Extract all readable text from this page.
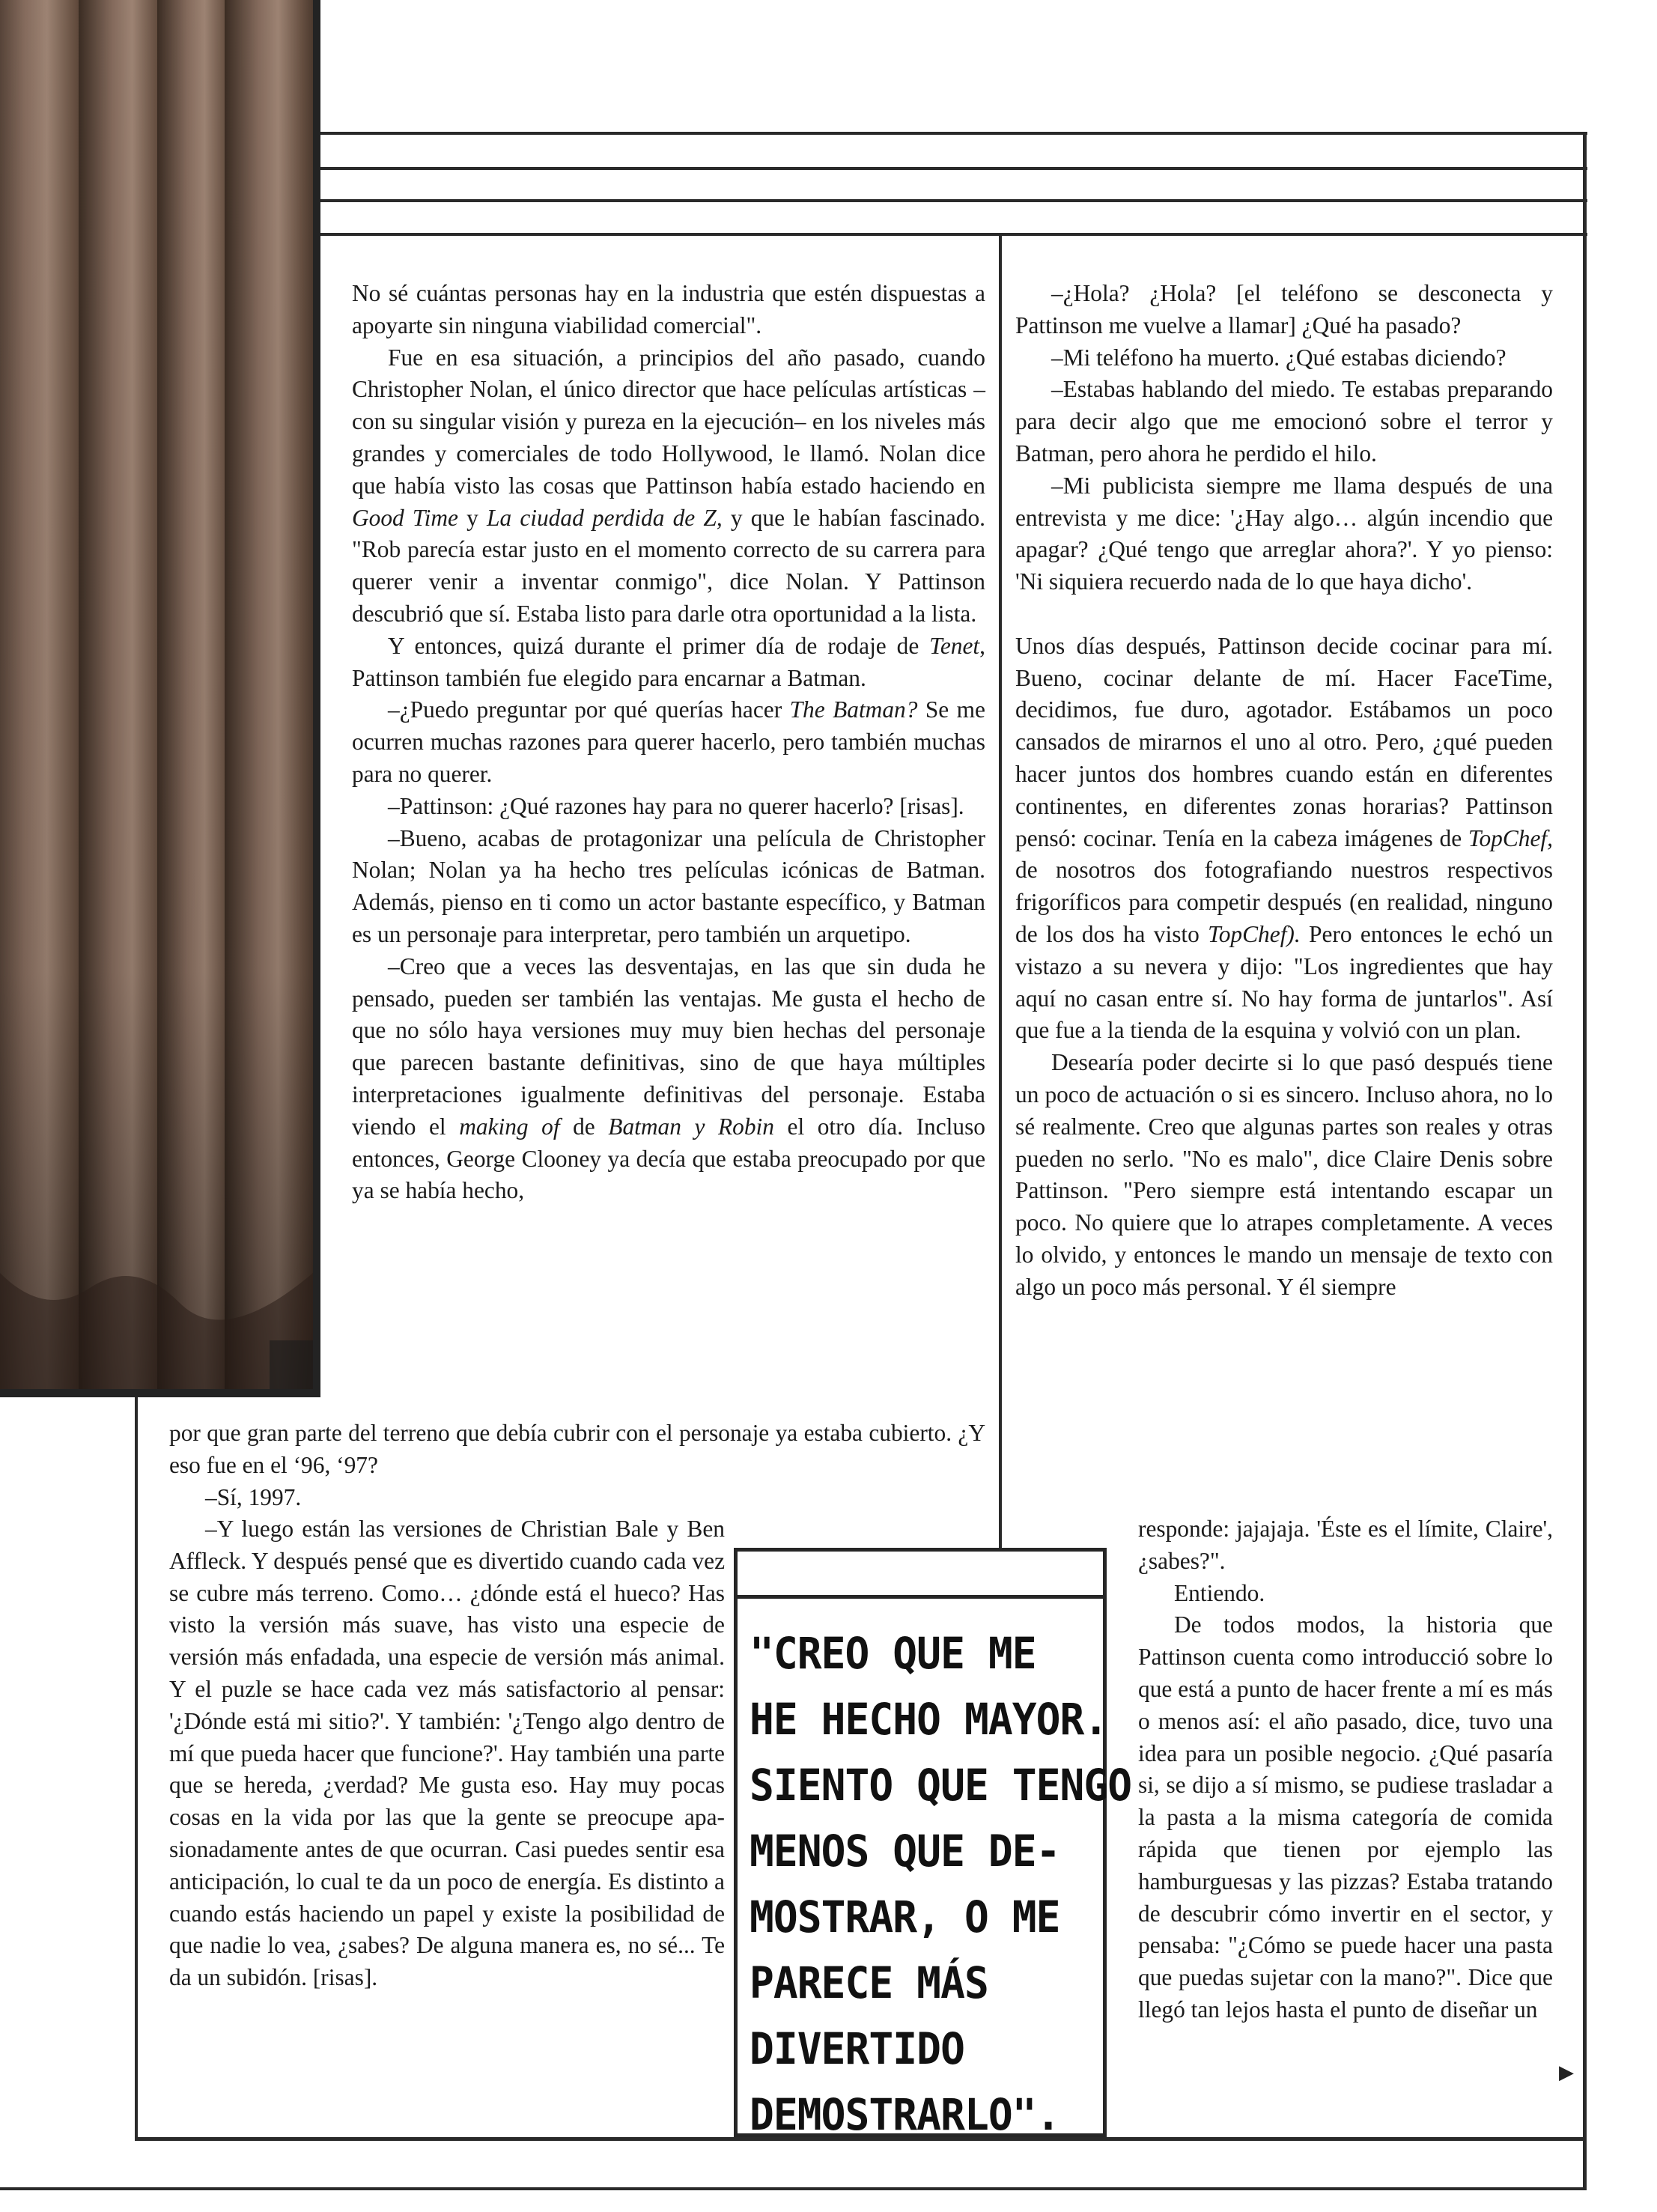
No sé cuántas personas hay en la industria que estén dispuestas a apoyarte sin ninguna viabilidad comercial".

Fue en esa situación, a principios del año pasado, cuando Christopher Nolan, el único director que hace películas artísticas –con su singular visión y pureza en la ejecución– en los niveles más grandes y comerciales de todo Hollywood, le llamó. Nolan dice que había visto las cosas que Pattinson había estado haciendo en Good Time y La ciudad perdida de Z, y que le habían fascinado. "Rob parecía estar justo en el momento correcto de su carrera para querer venir a inventar conmigo", dice Nolan. Y Pattinson descubrió que sí. Estaba listo para darle otra oportunidad a la lista.

Y entonces, quizá durante el primer día de rodaje de Tenet, Pattinson también fue elegido para encarnar a Batman.

–¿Puedo preguntar por qué querías hacer The Batman? Se me ocurren muchas razones para querer hacerlo, pero también muchas para no querer.

–Pattinson: ¿Qué razones hay para no querer hacerlo? [risas].

–Bueno, acabas de protagonizar una película de Christopher Nolan; Nolan ya ha hecho tres películas icónicas de Batman. Además, pienso en ti como un actor bastante específico, y Batman es un personaje para interpretar, pero también un arquetipo.

–Creo que a veces las desventajas, en las que sin duda he pensado, pueden ser también las ventajas. Me gusta el hecho de que no sólo haya versiones muy muy bien hechas del personaje que parecen bastante definitivas, sino de que haya múltiples interpretaciones igualmente definitivas del personaje. Estaba viendo el making of de Batman y Robin el otro día. Incluso entonces, George Clooney ya decía que estaba preocupado por que ya se había hecho,

por que gran parte del terreno que debía cubrir con el personaje ya estaba cubierto. ¿Y eso fue en el ‘96, ‘97?

–Sí, 1997.

–Y luego están las versiones de Christian Bale y Ben Affleck. Y después pensé que es divertido cuando cada vez se cubre más terreno. Como… ¿dónde está el hueco? Has visto la versión más suave, has visto una especie de versión más enfadada, una especie de versión más animal. Y el puzle se hace cada vez más satisfactorio al pensar: '¿Dónde está mi sitio?'. Y también: '¿Tengo algo dentro de mí que pueda hacer que funcione?'. Hay también una parte que se hereda, ¿verdad? Me gusta eso. Hay muy pocas cosas en la vida por las que la gente se preocupe apasionadamente antes de que ocurran. Casi puedes sentir esa anticipación, lo cual te da un poco de energía. Es distinto a cuando estás haciendo un papel y existe la posibilidad de que nadie lo vea, ¿sabes? De alguna manera es, no sé... Te da un subidón. [risas].

–¿Hola? ¿Hola? [el teléfono se desconecta y Pattinson me vuelve a llamar] ¿Qué ha pasado?

–Mi teléfono ha muerto. ¿Qué estabas diciendo?

–Estabas hablando del miedo. Te estabas preparando para decir algo que me emocionó sobre el terror y Batman, pero ahora he perdido el hilo.

–Mi publicista siempre me llama después de una entrevista y me dice: '¿Hay algo… algún incendio que apagar? ¿Qué tengo que arreglar ahora?'. Y yo pienso: 'Ni siquiera recuerdo nada de lo que haya dicho'.

Unos días después, Pattinson decide cocinar para mí. Bueno, cocinar delante de mí. Hacer FaceTime, decidimos, fue duro, agotador. Estábamos un poco cansados de mirarnos el uno al otro. Pero, ¿qué pueden hacer juntos dos hombres cuando están en diferentes continentes, en diferentes zonas horarias? Pattinson pensó: cocinar. Tenía en la cabeza imágenes de TopChef, de nosotros dos fotografiando nuestros respectivos frigoríficos para competir después (en realidad, ninguno de los dos ha visto TopChef). Pero entonces le echó un vistazo a su nevera y dijo: "Los ingredientes que hay aquí no casan entre sí. No hay forma de juntarlos". Así que fue a la tienda de la esquina y volvió con un plan.

Desearía poder decirte si lo que pasó después tiene un poco de actuación o si es sincero. Incluso ahora, no lo sé realmente. Creo que algunas partes son reales y otras pueden no serlo. "No es malo", dice Claire Denis sobre Pattinson. "Pero siempre está intentando escapar un poco. No quiere que lo atrapes completamente. A veces lo olvido, y entonces le mando un mensaje de texto con algo un poco más personal. Y él siempre

responde: jajajaja. 'Éste es el límite, Claire', ¿sabes?".

Entiendo.

De todos modos, la historia que Pattinson cuenta como introducció sobre lo que está a punto de hacer frente a mí es más o menos así: el año pasado, dice, tuvo una idea para un posible negocio. ¿Qué pasaría si, se dijo a sí mismo, se pudiese trasladar a la pasta a la misma categoría de comida rápida que tienen por ejemplo las hamburguesas y las pizzas? Estaba tratando de descubrir cómo invertir en el sector, y pensaba: "¿Cómo se puede hacer una pasta que puedas sujetar con la mano?". Dice que llegó tan lejos hasta el punto de diseñar un

"CREO QUE ME
HE HECHO MAYOR.
SIENTO QUE TENGO
MENOS QUE DE-
MOSTRAR, O ME
PARECE MÁS
DIVERTIDO
DEMOSTRARLO".
▶
